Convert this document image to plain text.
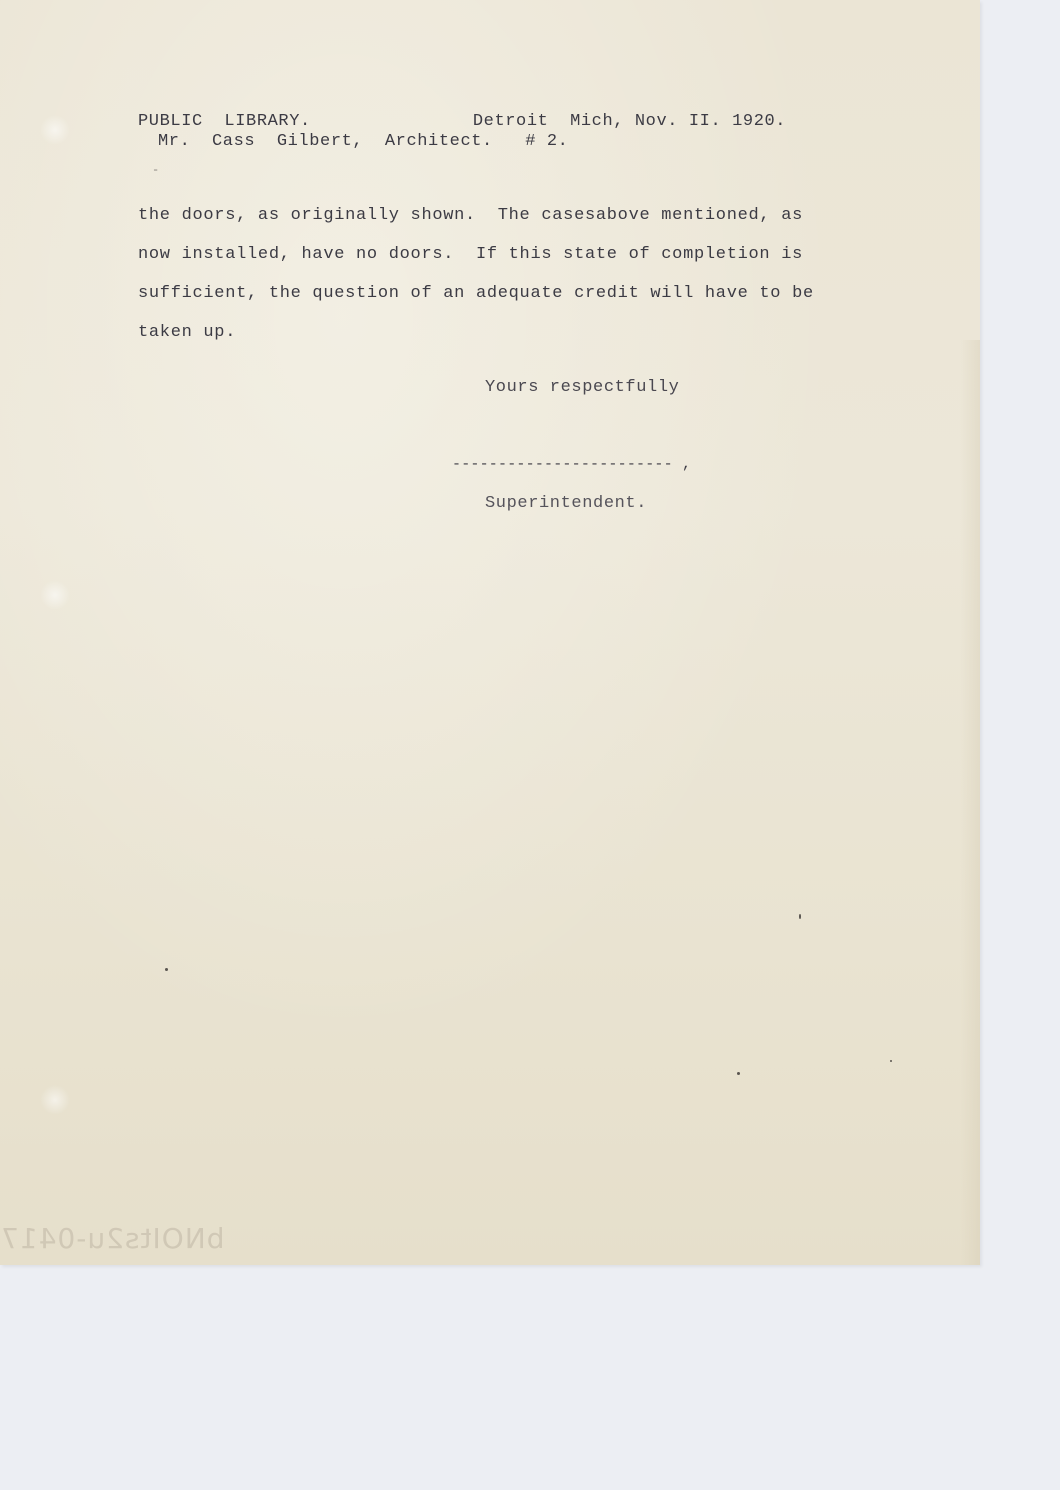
PUBLIC  LIBRARY.               Detroit  Mich, Nov. II. 1920.
Mr.  Cass  Gilbert,  Architect.   # 2.
-
the doors, as originally shown.  The casesabove mentioned, as
now installed, have no doors.  If this state of completion is
sufficient, the question of an adequate credit will have to be
taken up.
Yours respectfully
------------------------ ,
Superintendent.
bNOIts2u-0417
